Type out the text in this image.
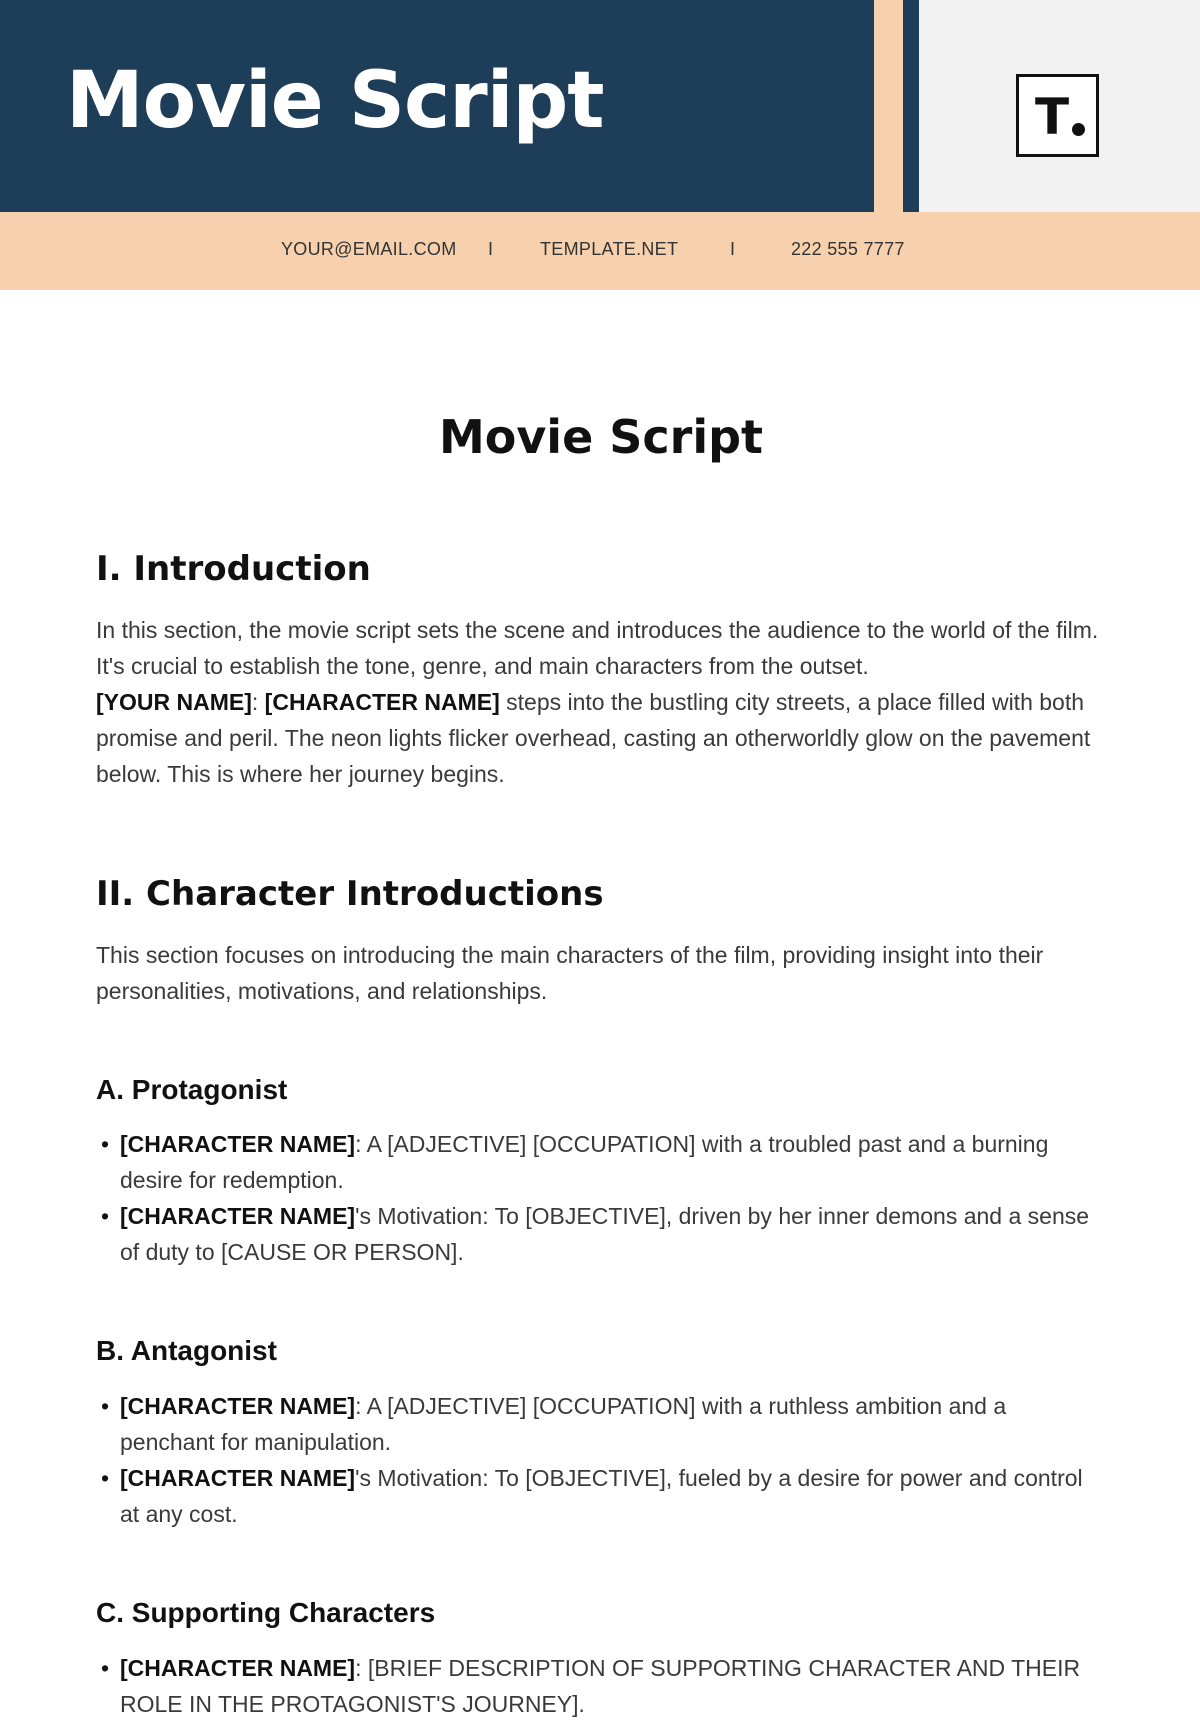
Movie Script	T
YOUR@EMAIL.COM I	TEMPLATE.NET	I	222 555 7777
Movie Script
I. Introduction

In this section, the movie script sets the scene and introduces the audience to the world of the film. It's crucial to establish the tone, genre, and main characters from the outset.
[YOUR NAME]: [CHARACTER NAME] steps into the bustling city streets, a place filled with both promise and peril. The neon lights flicker overhead, casting an otherworldly glow on the pavement below. This is where her journey begins.

II. Character Introductions

This section focuses on introducing the main characters of the film, providing insight into their personalities, motivations, and relationships.

A. Protagonist
• [CHARACTER NAME]: A [ADJECTIVE] [OCCUPATION] with a troubled past and a burning desire for redemption.
• [CHARACTER NAME]'s Motivation: To [OBJECTIVE], driven by her inner demons and a sense of duty to [CAUSE OR PERSON].
B. Antagonist
• [CHARACTER NAME]: A [ADJECTIVE] [OCCUPATION] with a ruthless ambition and a penchant for manipulation.
• [CHARACTER NAME]'s Motivation: To [OBJECTIVE], fueled by a desire for power and control at any cost.
C. Supporting Characters
• [CHARACTER NAME]: [BRIEF DESCRIPTION OF SUPPORTING CHARACTER AND THEIR ROLE IN THE PROTAGONIST'S JOURNEY].
